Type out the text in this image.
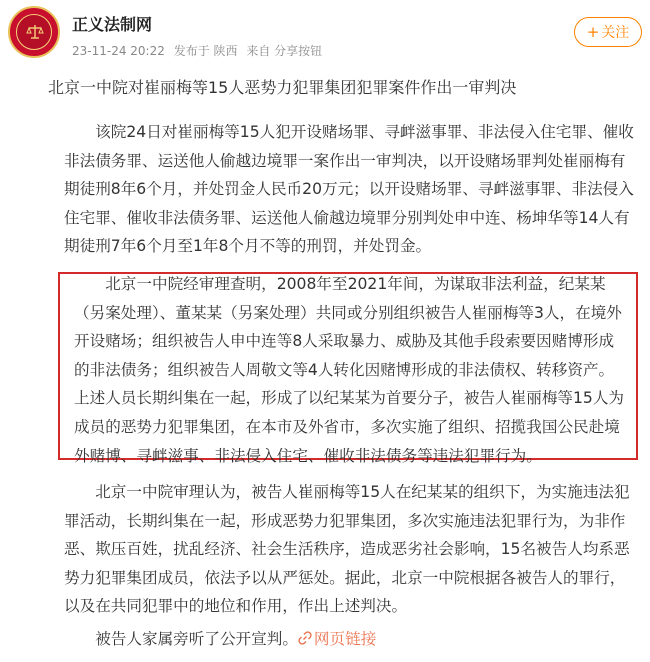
正义法制网
23-11-24 20:22 发布于 陕西 来自 分享按钮
+ 关注
北京一中院对崔丽梅等15人恶势力犯罪集团犯罪案件作出一审判决
该院24日对崔丽梅等15人犯开设赌场罪、寻衅滋事罪、非法侵入住宅罪、催收非法债务罪、运送他人偷越边境罪一案作出一审判决，以开设赌场罪判处崔丽梅有期徒刑8年6个月，并处罚金人民币20万元；以开设赌场罪、寻衅滋事罪、非法侵入住宅罪、催收非法债务罪、运送他人偷越边境罪分别判处申中连、杨坤华等14人有期徒刑7年6个月至1年8个月不等的刑罚，并处罚金。
北京一中院经审理查明，2008年至2021年间，为谋取非法利益，纪某某（另案处理）、董某某（另案处理）共同或分别组织被告人崔丽梅等3人，在境外开设赌场；组织被告人申中连等8人采取暴力、威胁及其他手段索要因赌博形成的非法债务；组织被告人周敬文等4人转化因赌博形成的非法债权、转移资产。上述人员长期纠集在一起，形成了以纪某某为首要分子，被告人崔丽梅等15人为成员的恶势力犯罪集团，在本市及外省市，多次实施了组织、招揽我国公民赴境外赌博、寻衅滋事、非法侵入住宅、催收非法债务等违法犯罪行为。
北京一中院审理认为，被告人崔丽梅等15人在纪某某的组织下，为实施违法犯罪活动，长期纠集在一起，形成恶势力犯罪集团，多次实施违法犯罪行为，为非作恶、欺压百姓，扰乱经济、社会生活秩序，造成恶劣社会影响，15名被告人均系恶势力犯罪集团成员，依法予以从严惩处。据此，北京一中院根据各被告人的罪行，以及在共同犯罪中的地位和作用，作出上述判决。
被告人家属旁听了公开宣判。 网页链接
